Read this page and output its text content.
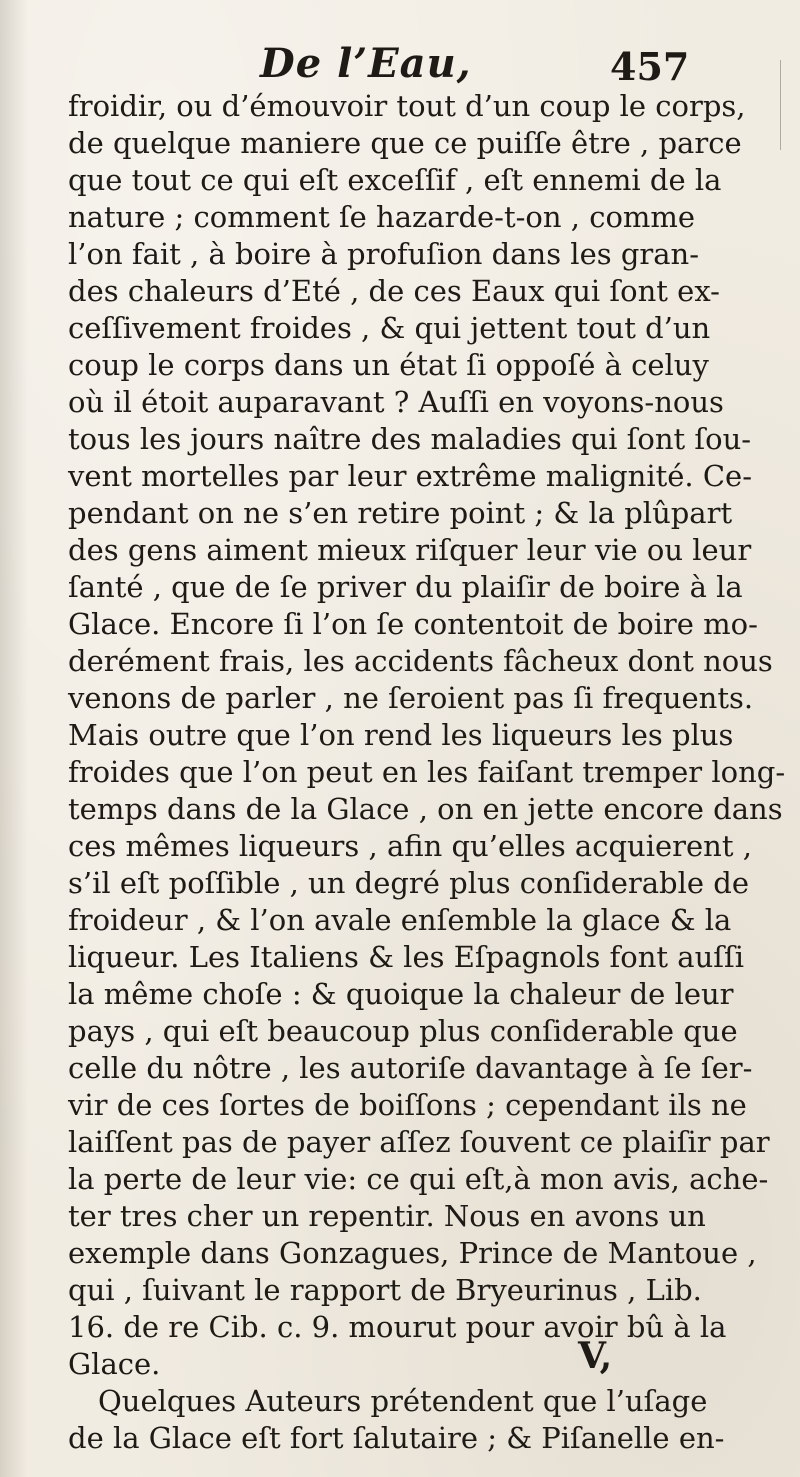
De l’Eau,	457
froidir, ou d’émouvoir tout d’un coup le corps,
de quelque maniere que ce puiſſe être , parce
que tout ce qui eſt exceſſif , eſt ennemi de la
nature ; comment ſe hazarde-t-on , comme
l’on fait , à boire à profuſion dans les gran-
des chaleurs d’Eté , de ces Eaux qui ſont ex-
ceſſivement froides , & qui jettent tout d’un
coup le corps dans un état ſi oppoſé à celuy
où il étoit auparavant ? Auſſi en voyons-nous
tous les jours naître des maladies qui ſont ſou-
vent mortelles par leur extrême malignité. Ce-
pendant on ne s’en retire point ; & la plûpart
des gens aiment mieux riſquer leur vie ou leur
ſanté , que de ſe priver du plaiſir de boire à la
Glace. Encore ſi l’on ſe contentoit de boire mo-
derément frais, les accidents fâcheux dont nous
venons de parler , ne ſeroient pas ſi frequents.
Mais outre que l’on rend les liqueurs les plus
froides que l’on peut en les faiſant tremper long-
temps dans de la Glace , on en jette encore dans
ces mêmes liqueurs , afin qu’elles acquierent ,
s’il eſt poſſible , un degré plus conſiderable de
froideur , & l’on avale enſemble la glace & la
liqueur. Les Italiens & les Eſpagnols font auſſi
la même choſe : & quoique la chaleur de leur
pays , qui eſt beaucoup plus conſiderable que
celle du nôtre , les autoriſe davantage à ſe ſer-
vir de ces ſortes de boiſſons ; cependant ils ne
laiſſent pas de payer aſſez ſouvent ce plaiſir par
la perte de leur vie: ce qui eſt,à mon avis, ache-
ter tres cher un repentir. Nous en avons un
exemple dans Gonzagues, Prince de Mantoue ,
qui , ſuivant le rapport de Bryeurinus , Lib.
16. de re Cib. c. 9. mourut pour avoir bû à la
Glace.
Quelques Auteurs prétendent que l’uſage
de la Glace eſt fort ſalutaire ; & Piſanelle en-
V,
